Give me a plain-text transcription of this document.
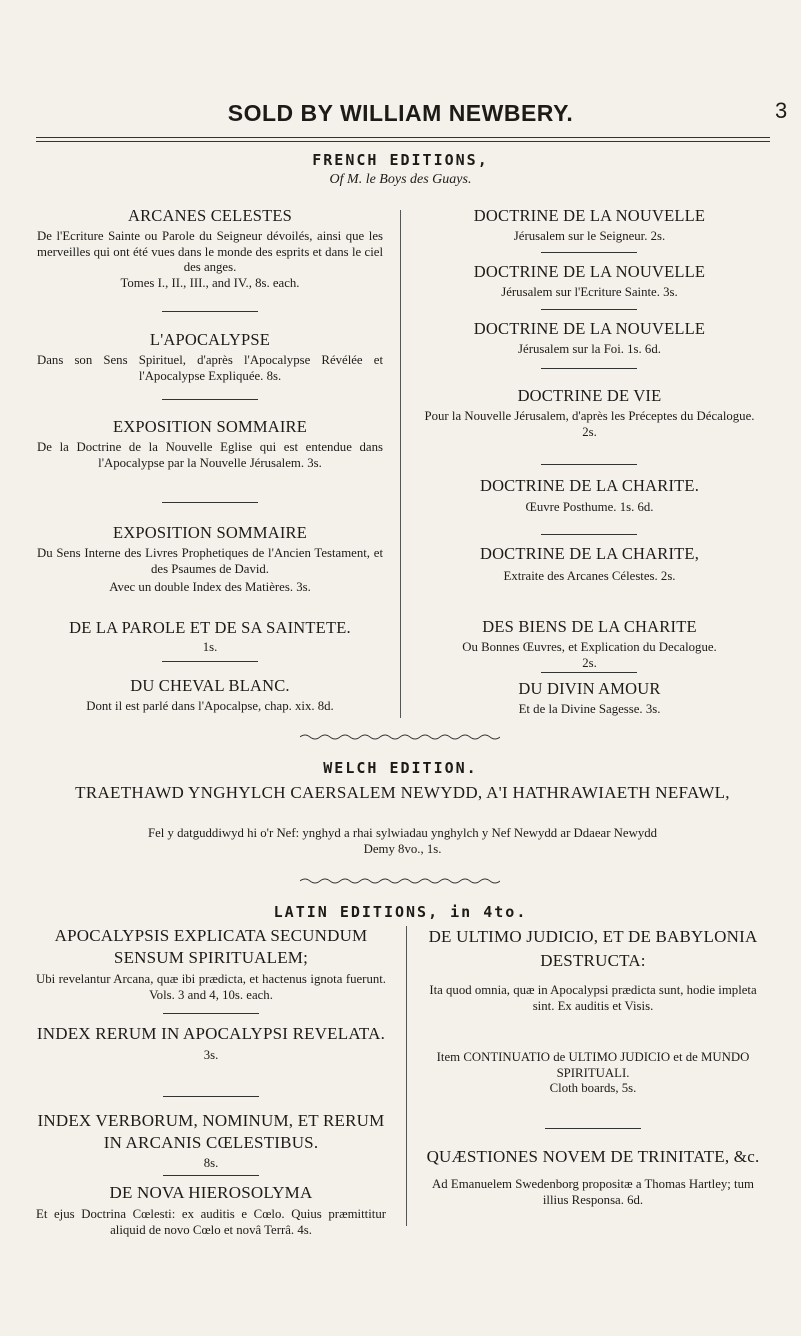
SOLD BY WILLIAM NEWBERY.	3
FRENCH EDITIONS,
Of M. le Boys des Guays.
ARCANES CELESTES
De l'Ecriture Sainte ou Parole du Seigneur dévoilés, ainsi que les merveilles qui ont été vues dans le monde des esprits et dans le ciel des anges.
Tomes I., II., III., and IV., 8s. each.
L'APOCALYPSE
Dans son Sens Spirituel, d'après l'Apocalypse Révélée et l'Apocalypse Expliquée. 8s.
EXPOSITION SOMMAIRE
De la Doctrine de la Nouvelle Eglise qui est entendue dans l'Apocalypse par la Nouvelle Jérusalem. 3s.
EXPOSITION SOMMAIRE
Du Sens Interne des Livres Prophetiques de l'Ancien Testament, et des Psaumes de David.
Avec un double Index des Matières. 3s.
DE LA PAROLE ET DE SA SAINTETE.
1s.
DU CHEVAL BLANC.
Dont il est parlé dans l'Apocalpse, chap. xix. 8d.
DOCTRINE DE LA NOUVELLE
Jérusalem sur le Seigneur. 2s.
DOCTRINE DE LA NOUVELLE
Jérusalem sur l'Ecriture Sainte. 3s.
DOCTRINE DE LA NOUVELLE
Jérusalem sur la Foi. 1s. 6d.
DOCTRINE DE VIE
Pour la Nouvelle Jérusalem, d'après les Préceptes du Décalogue. 2s.
DOCTRINE DE LA CHARITE.
Œuvre Posthume. 1s. 6d.
DOCTRINE DE LA CHARITE,
Extraite des Arcanes Célestes. 2s.
DES BIENS DE LA CHARITE
Ou Bonnes Œuvres, et Explication du Decalogue.
2s.
DU DIVIN AMOUR
Et de la Divine Sagesse. 3s.
WELCH EDITION.
TRAETHAWD YNGHYLCH CAERSALEM NEWYDD, A'I HATHRAWIAETH NEFAWL,
Fel y datguddiwyd hi o'r Nef: ynghyd a rhai sylwiadau ynghylch y Nef Newydd ar Ddaear Newydd
Demy 8vo., 1s.
LATIN EDITIONS, in 4to.
APOCALYPSIS EXPLICATA SECUNDUM SENSUM SPIRITUALEM;
Ubi revelantur Arcana, quæ ibi prædicta, et hactenus ignota fuerunt. Vols. 3 and 4, 10s. each.
INDEX RERUM IN APOCALYPSI REVELATA.
3s.
INDEX VERBORUM, NOMINUM, ET RERUM IN ARCANIS CŒLESTIBUS.
8s.
DE NOVA HIEROSOLYMA
Et ejus Doctrina Cœlesti: ex auditis e Cœlo. Quius præmittitur aliquid de novo Cœlo et novâ Terrâ. 4s.
DE ULTIMO JUDICIO, ET DE BABYLONIA DESTRUCTA:
Ita quod omnia, quæ in Apocalypsi prædicta sunt, hodie impleta sint. Ex auditis et Visis.
Item CONTINUATIO de ULTIMO JUDICIO et de MUNDO SPIRITUALI.
Cloth boards, 5s.
QUÆSTIONES NOVEM DE TRINITATE, &c.
Ad Emanuelem Swedenborg propositæ a Thomas Hartley; tum illius Responsa. 6d.
